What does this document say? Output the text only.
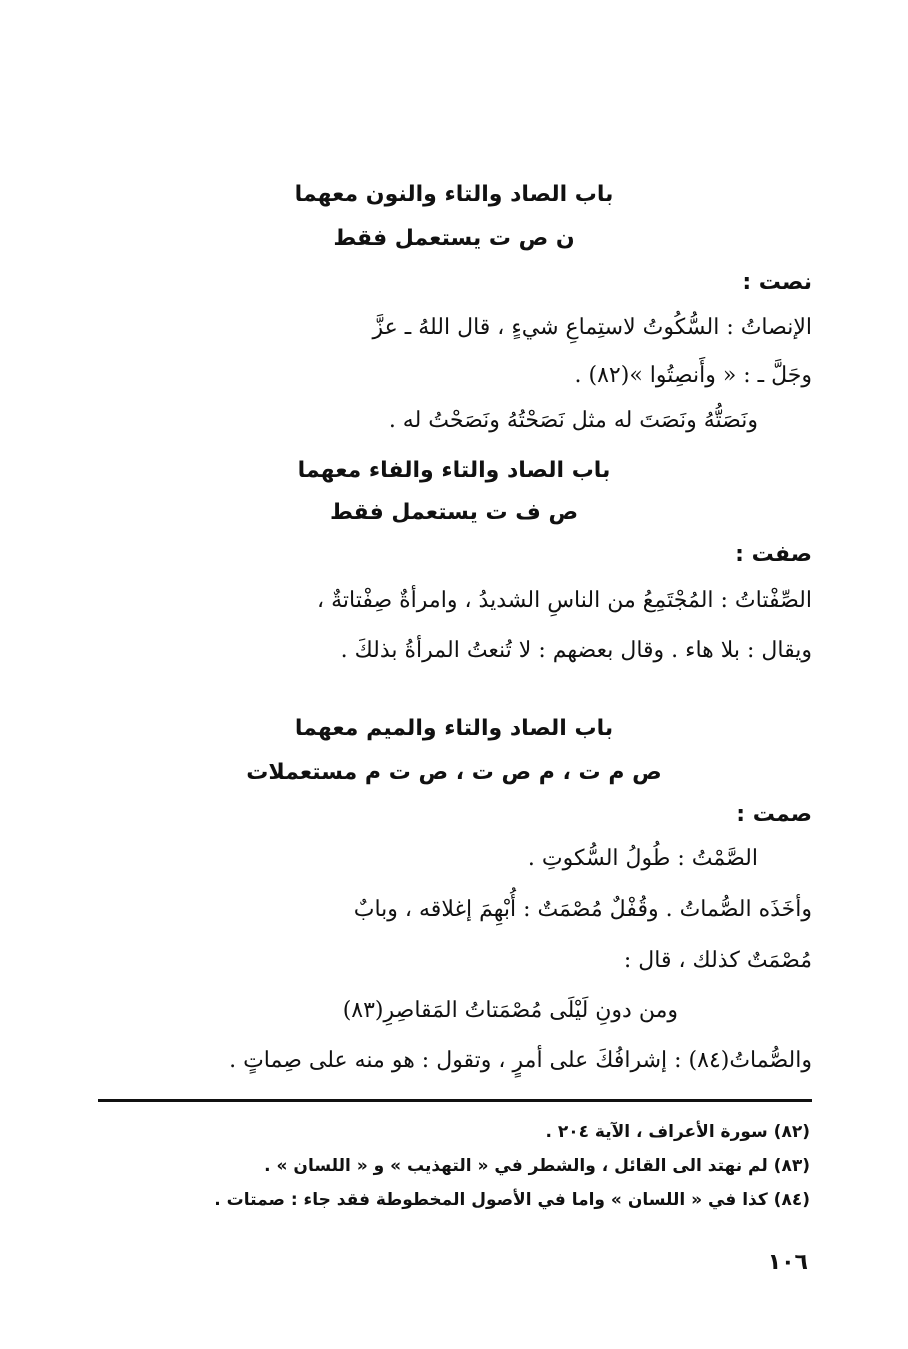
باب الصاد والتاء والنون معهما
ن ص ت يستعمل فقط
نصت :
الإنصاتُ : السُّكُوتُ لاستِماعِ شيءٍ ، قال اللهُ ـ عزَّ
وجَلَّ ـ : « وأَنصِتُوا »(٨٢) .
ونَصَتُّهُ ونَصَتَ له مثل نَصَحْتُهُ ونَصَحْتُ له .
باب الصاد والتاء والفاء معهما
ص ف ت يستعمل فقط
صفت :
الصِّفْتاتُ : المُجْتَمِعُ من الناسِ الشديدُ ، وامرأةٌ صِفْتاتةٌ ،
ويقال : بلا هاء . وقال بعضهم : لا تُنعتُ المرأةُ بذلكَ .
باب الصاد والتاء والميم معهما
ص م ت ، م ص ت ، ص ت م مستعملات
صمت :
الصَّمْتُ : طُولُ السُّكوتِ .
وأخَذَه الصُّماتُ . وقُفْلٌ مُصْمَتٌ : أُبْهِمَ إغلاقه ، وبابٌ
مُصْمَتٌ كذلك ، قال :
ومن دونِ لَيْلَى مُصْمَتاتُ المَقاصِرِ(٨٣)
والصُّماتُ(٨٤) : إشرافُكَ على أمرٍ ، وتقول : هو منه على صِماتٍ .
(٨٢) سورة الأعراف ، الآية ٢٠٤ .
(٨٣) لم نهتد الى القائل ، والشطر في « التهذيب » و « اللسان » .
(٨٤) كذا في « اللسان » واما في الأصول المخطوطة فقد جاء : صمتات .
١٠٦
